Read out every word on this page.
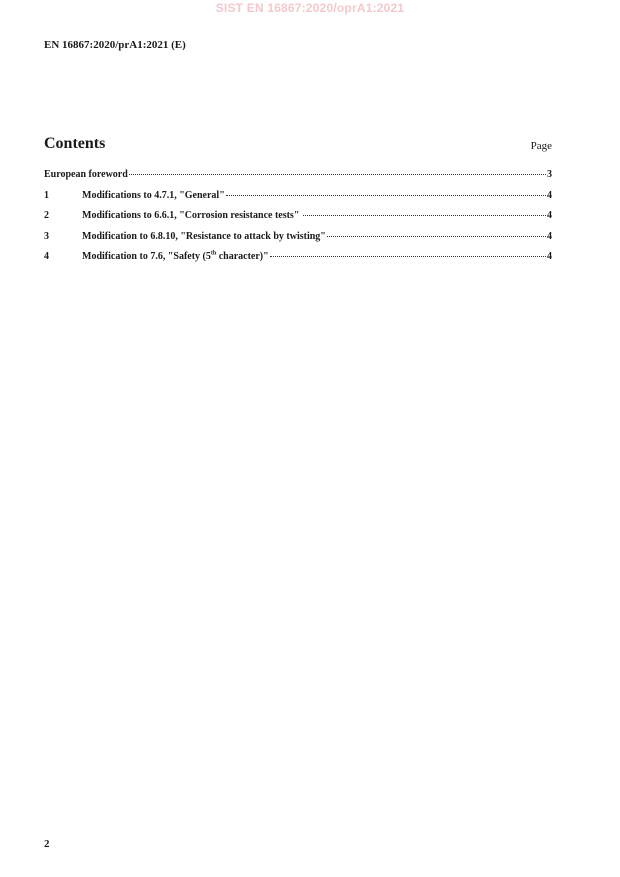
SIST EN 16867:2020/oprA1:2021
EN 16867:2020/prA1:2021 (E)
Contents	Page
European foreword	3
1	Modifications to 4.7.1, "General"	4
2	Modifications to 6.6.1, "Corrosion resistance tests"	4
3	Modification to 6.8.10, "Resistance to attack by twisting"	4
4	Modification to 7.6, "Safety (5th character)"	4
2
